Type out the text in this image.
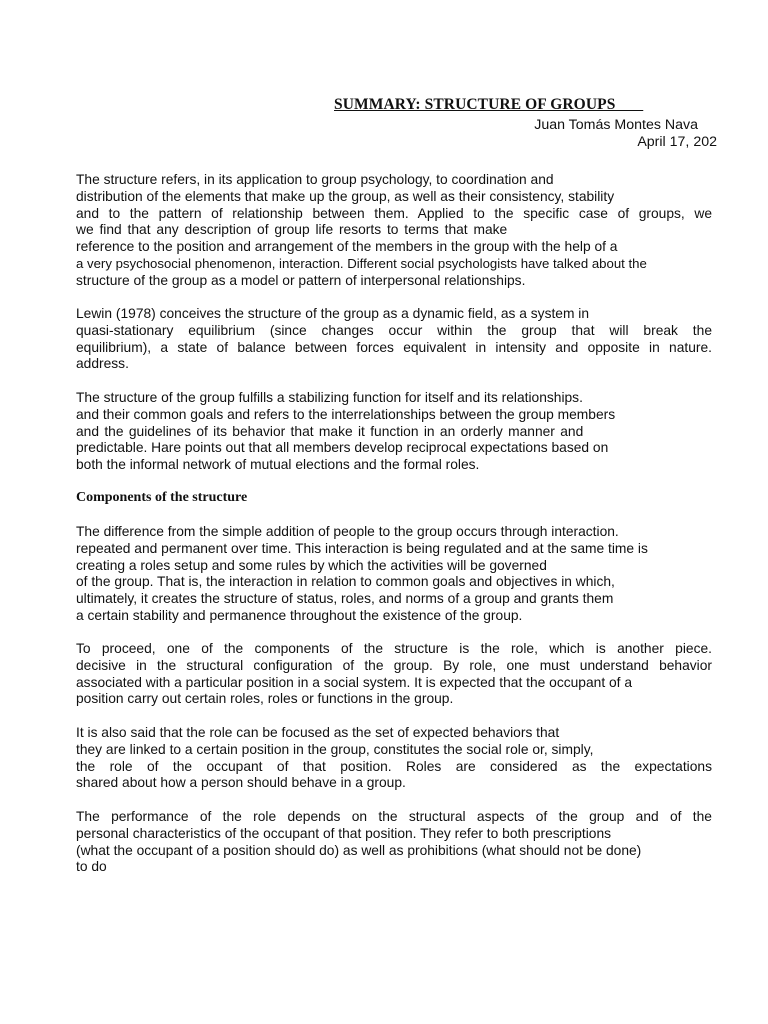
SUMMARY: STRUCTURE OF GROUPS
Juan Tomás Montes Nava
April 17, 202
The structure refers, in its application to group psychology, to coordination and
distribution of the elements that make up the group, as well as their consistency, stability
and to the pattern of relationship between them. Applied to the specific case of groups, we
we find that any description of group life resorts to terms that make
reference to the position and arrangement of the members in the group with the help of a
a very psychosocial phenomenon, interaction. Different social psychologists have talked about the
structure of the group as a model or pattern of interpersonal relationships.
Lewin (1978) conceives the structure of the group as a dynamic field, as a system in
quasi-stationary equilibrium (since changes occur within the group that will break the
equilibrium), a state of balance between forces equivalent in intensity and opposite in nature.
address.
The structure of the group fulfills a stabilizing function for itself and its relationships.
and their common goals and refers to the interrelationships between the group members
and the guidelines of its behavior that make it function in an orderly manner and
predictable. Hare points out that all members develop reciprocal expectations based on
both the informal network of mutual elections and the formal roles.
Components of the structure
The difference from the simple addition of people to the group occurs through interaction.
repeated and permanent over time. This interaction is being regulated and at the same time is
creating a roles setup and some rules by which the activities will be governed
of the group. That is, the interaction in relation to common goals and objectives in which,
ultimately, it creates the structure of status, roles, and norms of a group and grants them
a certain stability and permanence throughout the existence of the group.
To proceed, one of the components of the structure is the role, which is another piece.
decisive in the structural configuration of the group. By role, one must understand behavior
associated with a particular position in a social system. It is expected that the occupant of a
position carry out certain roles, roles or functions in the group.
It is also said that the role can be focused as the set of expected behaviors that
they are linked to a certain position in the group, constitutes the social role or, simply,
the role of the occupant of that position. Roles are considered as the expectations
shared about how a person should behave in a group.
The performance of the role depends on the structural aspects of the group and of the
personal characteristics of the occupant of that position. They refer to both prescriptions
(what the occupant of a position should do) as well as prohibitions (what should not be done)
to do
